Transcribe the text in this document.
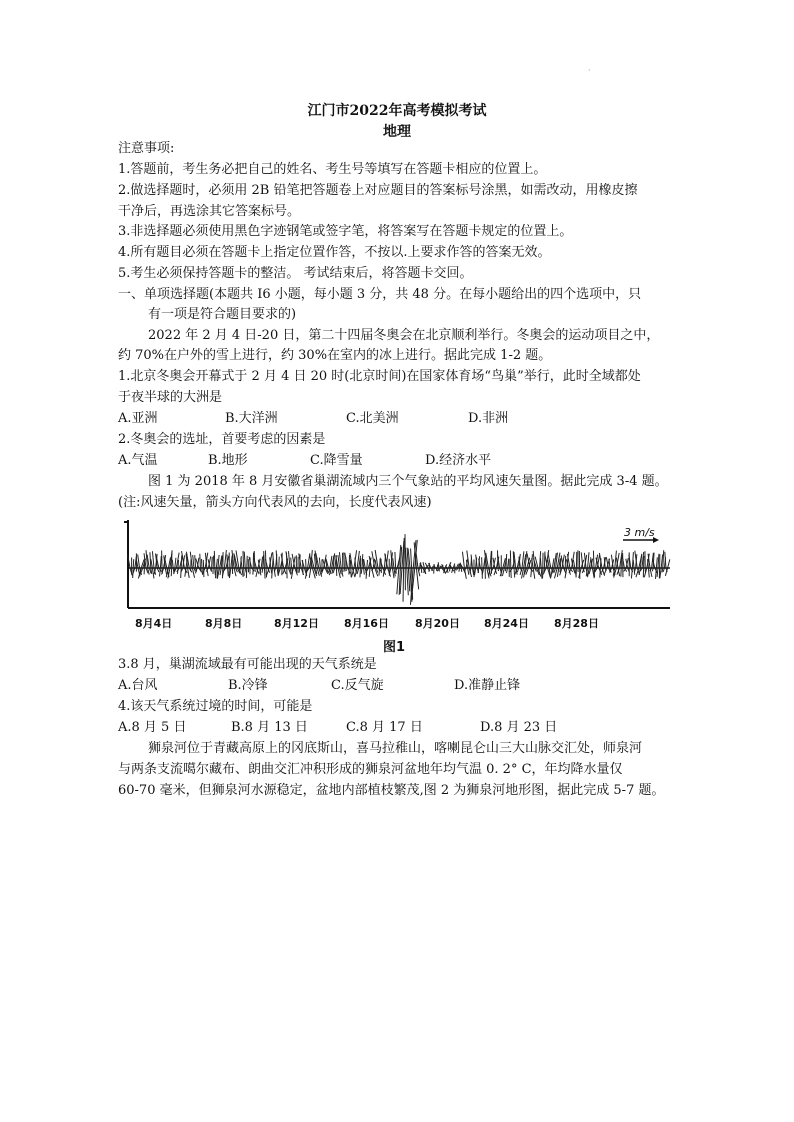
·
江门市2022年高考模拟考试
地理
注意事项:
1.答题前，考生务必把自己的姓名、考生号等填写在答题卡相应的位置上。
2.做选择题时，必须用 2B 铅笔把答题卷上对应题目的答案标号涂黑，如需改动，用橡皮擦
干净后，再选涂其它答案标号。
3.非选择题必须使用黑色字迹钢笔或签字笔，将答案写在答题卡规定的位置上。
4.所有题目必须在答题卡上指定位置作答，不按以.上要求作答的答案无效。
5.考生必须保持答题卡的整洁。 考试结束后，将答题卡交回。
一、单项选择题(本题共 I6 小题，每小题 3 分，共 48 分。在每小题给出的四个选项中，只
有一项是符合题目要求的)
2022 年 2 月 4 日-20 日，第二十四届冬奥会在北京顺利举行。冬奥会的运动项目之中，
约 70%在户外的雪上进行，约 30%在室内的冰上进行。据此完成 1-2 题。
1.北京冬奥会开幕式于 2 月 4 日 20 时(北京时间)在国家体育场“鸟巢”举行，此时全域都处
于夜半球的大洲是
A.亚洲	B.大洋洲	C.北美洲	D.非洲
2.冬奥会的选址，首要考虑的因素是
A.气温	B.地形	C.降雪量	D.经济水平
图 1 为 2018 年 8 月安徽省巢湖流域内三个气象站的平均风速矢量图。据此完成 3-4 题。
(注:风速矢量，箭头方向代表风的去向，长度代表风速)
3 m/s
8月4日	8月8日	8月12日 8月16日 8月20日 8月24日 8月28日
图1
3.8 月，巢湖流域最有可能出现的天气系统是
A.台风	B.冷锋	C.反气旋	D.准静止锋
4.该天气系统过境的时间，可能是
A.8 月 5 日	B.8 月 13 日	C.8 月 17 日	D.8 月 23 日
狮泉河位于青藏高原上的冈底斯山，喜马拉稚山，喀喇昆仑山三大山脉交汇处，师泉河
与两条支流噶尔藏布、朗曲交汇冲积形成的狮泉河盆地年均气温 0. 2° C，年均降水量仅
60-70 毫米，但狮泉河水源稳定，盆地内部植枝繁茂,图 2 为狮泉河地形图，据此完成 5-7 题。
